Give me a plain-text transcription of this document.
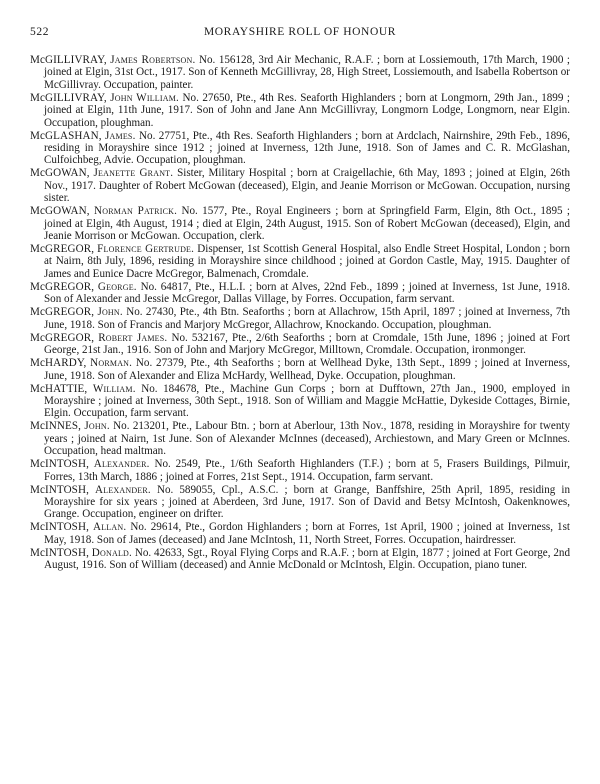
522	MORAYSHIRE ROLL OF HONOUR

McGILLIVRAY, James Robertson. No. 156128, 3rd Air Mechanic, R.A.F. ; born at Lossiemouth, 17th March, 1900 ; joined at Elgin, 31st Oct., 1917. Son of Kenneth McGillivray, 28, High Street, Lossiemouth, and Isabella Robertson or McGillivray. Occupation, painter.

McGILLIVRAY, John William. No. 27650, Pte., 4th Res. Seaforth Highlanders ; born at Longmorn, 29th Jan., 1899 ; joined at Elgin, 11th June, 1917. Son of John and Jane Ann McGillivray, Longmorn Lodge, Longmorn, near Elgin. Occupation, ploughman.

McGLASHAN, James. No. 27751, Pte., 4th Res. Seaforth Highlanders ; born at Ardclach, Nairnshire, 29th Feb., 1896, residing in Morayshire since 1912 ; joined at Inverness, 12th June, 1918. Son of James and C. R. McGlashan, Culfoichbeg, Advie. Occupation, ploughman.

McGOWAN, Jeanette Grant. Sister, Military Hospital ; born at Craigellachie, 6th May, 1893 ; joined at Elgin, 26th Nov., 1917. Daughter of Robert McGowan (deceased), Elgin, and Jeanie Morrison or McGowan. Occupation, nursing sister.

McGOWAN, Norman Patrick. No. 1577, Pte., Royal Engineers ; born at Springfield Farm, Elgin, 8th Oct., 1895 ; joined at Elgin, 4th August, 1914 ; died at Elgin, 24th August, 1915. Son of Robert McGowan (deceased), Elgin, and Jeanie Morrison or McGowan. Occupation, clerk.

McGREGOR, Florence Gertrude. Dispenser, 1st Scottish General Hospital, also Endle Street Hospital, London ; born at Nairn, 8th July, 1896, residing in Morayshire since childhood ; joined at Gordon Castle, May, 1915. Daughter of James and Eunice Dacre McGregor, Balmenach, Cromdale.

McGREGOR, George. No. 64817, Pte., H.L.I. ; born at Alves, 22nd Feb., 1899 ; joined at Inverness, 1st June, 1918. Son of Alexander and Jessie McGregor, Dallas Village, by Forres. Occupation, farm servant.

McGREGOR, John. No. 27430, Pte., 4th Btn. Seaforths ; born at Allachrow, 15th April, 1897 ; joined at Inverness, 7th June, 1918. Son of Francis and Marjory McGregor, Allachrow, Knockando. Occupation, ploughman.

McGREGOR, Robert James. No. 532167, Pte., 2/6th Seaforths ; born at Cromdale, 15th June, 1896 ; joined at Fort George, 21st Jan., 1916. Son of John and Marjory McGregor, Milltown, Cromdale. Occupation, ironmonger.

McHARDY, Norman. No. 27379, Pte., 4th Seaforths ; born at Wellhead Dyke, 13th Sept., 1899 ; joined at Inverness, June, 1918. Son of Alexander and Eliza McHardy, Wellhead, Dyke. Occupation, ploughman.

McHATTIE, William. No. 184678, Pte., Machine Gun Corps ; born at Dufftown, 27th Jan., 1900, employed in Morayshire ; joined at Inverness, 30th Sept., 1918. Son of William and Maggie McHattie, Dykeside Cottages, Birnie, Elgin. Occupation, farm servant.

McINNES, John. No. 213201, Pte., Labour Btn. ; born at Aberlour, 13th Nov., 1878, residing in Morayshire for twenty years ; joined at Nairn, 1st June. Son of Alexander McInnes (deceased), Archiestown, and Mary Green or McInnes. Occupation, head maltman.

McINTOSH, Alexander. No. 2549, Pte., 1/6th Seaforth Highlanders (T.F.) ; born at 5, Frasers Buildings, Pilmuir, Forres, 13th March, 1886 ; joined at Forres, 21st Sept., 1914. Occupation, farm servant.

McINTOSH, Alexander. No. 589055, Cpl., A.S.C. ; born at Grange, Banffshire, 25th April, 1895, residing in Morayshire for six years ; joined at Aberdeen, 3rd June, 1917. Son of David and Betsy McIntosh, Oakenknowes, Grange. Occupation, engineer on drifter.

McINTOSH, Allan. No. 29614, Pte., Gordon Highlanders ; born at Forres, 1st April, 1900 ; joined at Inverness, 1st May, 1918. Son of James (deceased) and Jane McIntosh, 11, North Street, Forres. Occupation, hairdresser.

McINTOSH, Donald. No. 42633, Sgt., Royal Flying Corps and R.A.F. ; born at Elgin, 1877 ; joined at Fort George, 2nd August, 1916. Son of William (deceased) and Annie McDonald or McIntosh, Elgin. Occupation, piano tuner.
